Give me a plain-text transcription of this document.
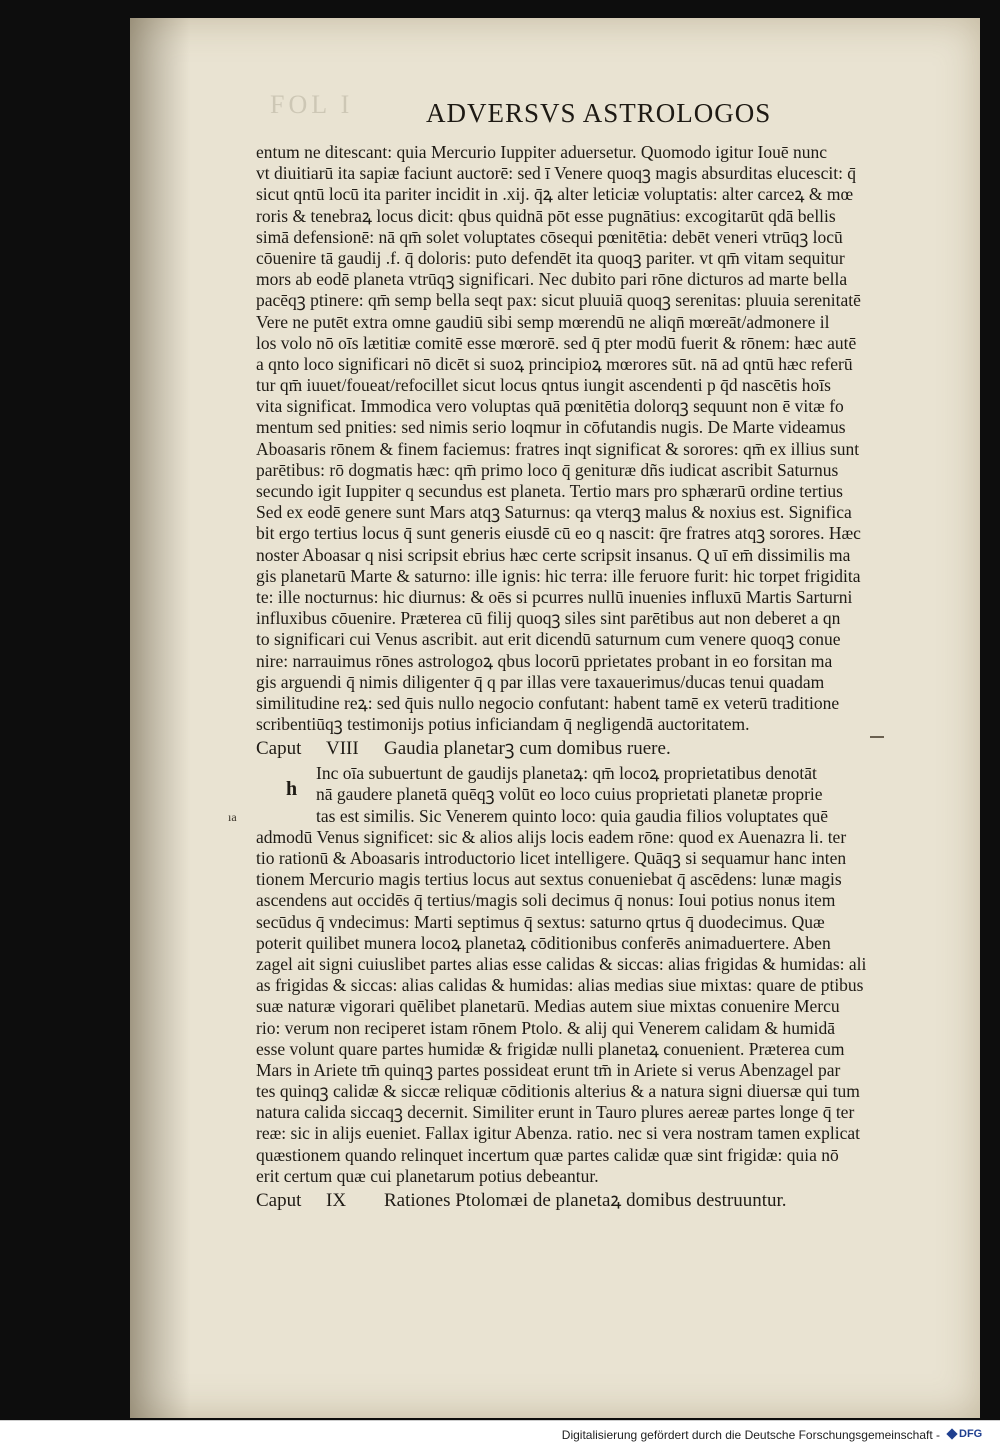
FOL I	ADVERSVS ASTROLOGOS
entum ne ditescant: quia Mercurio Iuppiter aduersetur. Quomodo igitur Iouē nunc
vt diuitiarū ita sapiæ faciunt auctorē: sed ī Venere quoqꝫ magis absurditas elucescit: q̄
sicut qntū locū ita pariter incidit in .xij. q̄ꝝ alter leticiæ voluptatis: alter carceꝝ & mœ
roris & tenebraꝝ locus dicit: qbus quidnā pōt esse pugnātius: excogitarūt qdā bellis
simā defensionē: nā qm̄ solet voluptates cōsequi pœnitētia: debēt veneri vtrūqꝫ locū
cōuenire tā gaudij .f. q̄ doloris: puto defendēt ita quoqꝫ pariter. vt qm̄ vitam sequitur
mors ab eodē planeta vtrūqꝫ significari. Nec dubito pari rōne dicturos ad marte bella
pacēqꝫ ptinere: qm̄ semp bella seqt pax: sicut pluuiā quoqꝫ serenitas: pluuia serenitatē
Vere ne putēt extra omne gaudiū sibi semp mœrendū ne aliqn̄ mœreāt/admonere il
los volo nō oīs lætitiæ comitē esse mœrorē. sed q̄ pter modū fuerit & rōnem: hæc autē
a qnto loco significari nō dicēt si suoꝝ principioꝝ mœrores sūt. nā ad qntū hæc referū
tur qm̄ iuuet/foueat/refocillet sicut locus qntus iungit ascendenti p q̄d nascētis hoīs
vita significat. Immodica vero voluptas quā pœnitētia dolorqꝫ sequunt non ē vitæ fo
mentum sed pnities: sed nimis serio loqmur in cōfutandis nugis. De Marte videamus
Aboasaris rōnem & finem faciemus: fratres inqt significat & sorores: qm̄ ex illius sunt
parētibus: rō dogmatis hæc: qm̄ primo loco q̄ genituræ dñs iudicat ascribit Saturnus
secundo igit Iuppiter q secundus est planeta. Tertio mars pro sphærarū ordine tertius
Sed ex eodē genere sunt Mars atqꝫ Saturnus: qa vterqꝫ malus & noxius est. Significa
bit ergo tertius locus q̄ sunt generis eiusdē cū eo q nascit: q̄re fratres atqꝫ sorores. Hæc
noster Aboasar q nisi scripsit ebrius hæc certe scripsit insanus. Q uī em̄ dissimilis ma
gis planetarū Marte & saturno: ille ignis: hic terra: ille feruore furit: hic torpet frigidita
te: ille nocturnus: hic diurnus: & oēs si pcurres nullū inuenies influxū Martis Sarturni
influxibus cōuenire. Præterea cū filij quoqꝫ siles sint parētibus aut non deberet a qn
to significari cui Venus ascribit. aut erit dicendū saturnum cum venere quoqꝫ conue
nire: narrauimus rōnes astrologoꝝ qbus locorū pprietates probant in eo forsitan ma
gis arguendi q̄ nimis diligenter q̄ q par illas vere taxauerimus/ducas tenui quadam
similitudine reꝝ: sed q̄uis nullo negocio confutant: habent tamē ex veterū traditione
scribentiūqꝫ testimonijs potius inficiandam q̄ negligendā auctoritatem.
Caput	VIII	Gaudia planetarꝫ cum domibus ruere.
Inc oīa subuertunt de gaudijs planetaꝝ: qm̄ locoꝝ proprietatibus denotāt
nā gaudere planetā quēqꝫ volūt eo loco cuius proprietati planetæ proprie
tas est similis. Sic Venerem quinto loco: quia gaudia filios voluptates quē
admodū Venus significet: sic & alios alijs locis eadem rōne: quod ex Auenazra li. ter
tio rationū & Aboasaris introductorio licet intelligere. Quāqꝫ si sequamur hanc inten
tionem Mercurio magis tertius locus aut sextus conueniebat q̄ ascēdens: lunæ magis
ascendens aut occidēs q̄ tertius/magis soli decimus q̄ nonus: Ioui potius nonus item
secūdus q̄ vndecimus: Marti septimus q̄ sextus: saturno qrtus q̄ duodecimus. Quæ
poterit quilibet munera locoꝝ planetaꝝ cōditionibus conferēs animaduertere. Aben
zagel ait signi cuiuslibet partes alias esse calidas & siccas: alias frigidas & humidas: ali
as frigidas & siccas: alias calidas & humidas: alias medias siue mixtas: quare de ptibus
suæ naturæ vigorari quēlibet planetarū. Medias autem siue mixtas conuenire Mercu
rio: verum non reciperet istam rōnem Ptolo. & alij qui Venerem calidam & humidā
esse volunt quare partes humidæ & frigidæ nulli planetaꝝ conuenient. Præterea cum
Mars in Ariete tm̄ quinqꝫ partes possideat erunt tm̄ in Ariete si verus Abenzagel par
tes quinqꝫ calidæ & siccæ reliquæ cōditionis alterius & a natura signi diuersæ qui tum
natura calida siccaqꝫ decernit. Similiter erunt in Tauro plures aereæ partes longe q̄ ter
reæ: sic in alijs eueniet. Fallax igitur Abenza. ratio. nec si vera nostram tamen explicat
quæstionem quando relinquet incertum quæ partes calidæ quæ sint frigidæ: quia nō
erit certum quæ cui planetarum potius debeantur.
Caput	IX	Rationes Ptolomæi de planetaꝝ domibus destruuntur.
h
ıa
Digitalisierung gefördert durch die Deutsche Forschungsgemeinschaft - DFG
